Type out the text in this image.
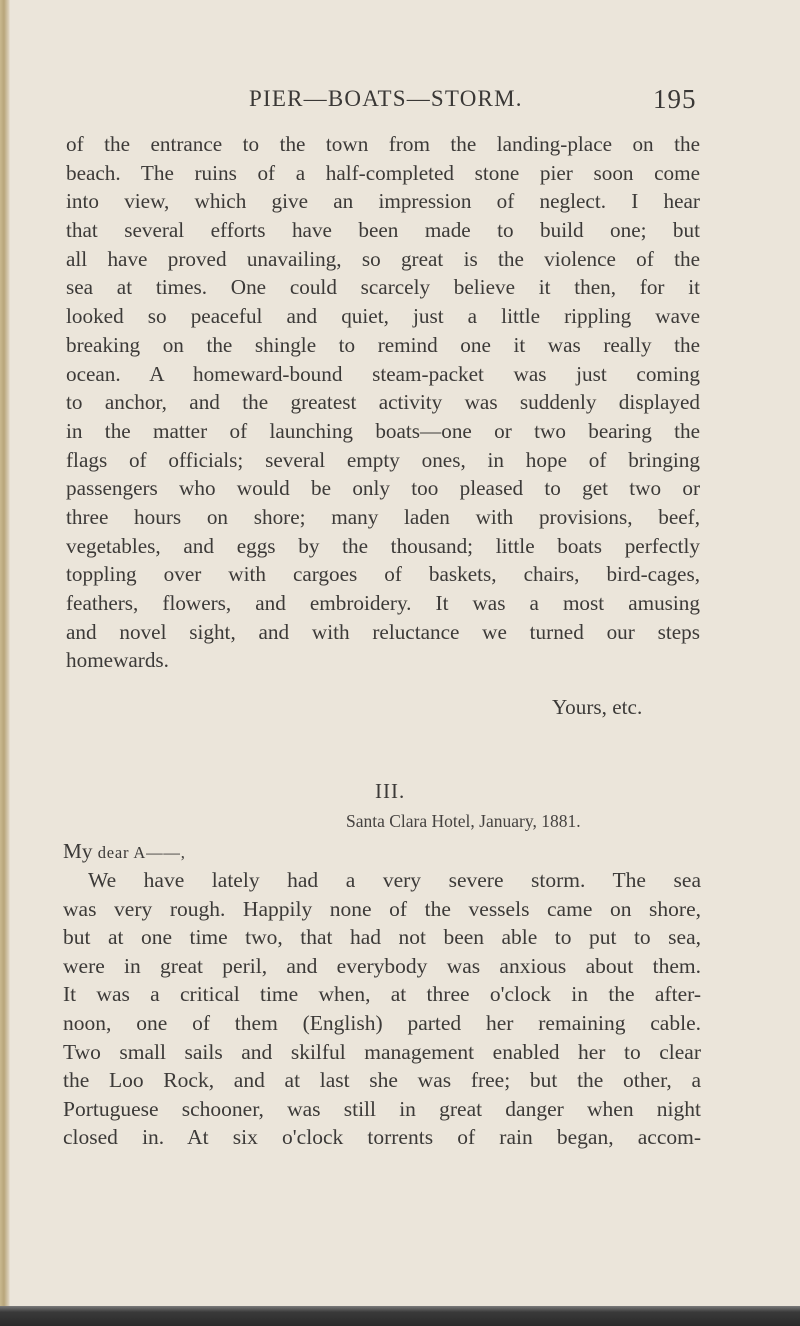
PIER—BOATS—STORM.	195
of the entrance to the town from the landing-place on the
beach. The ruins of a half-completed stone pier soon come
into view, which give an impression of neglect. I hear
that several efforts have been made to build one; but
all have proved unavailing, so great is the violence of the
sea at times. One could scarcely believe it then, for it
looked so peaceful and quiet, just a little rippling wave
breaking on the shingle to remind one it was really the
ocean. A homeward-bound steam-packet was just coming
to anchor, and the greatest activity was suddenly displayed
in the matter of launching boats—one or two bearing the
flags of officials; several empty ones, in hope of bringing
passengers who would be only too pleased to get two or
three hours on shore; many laden with provisions, beef,
vegetables, and eggs by the thousand; little boats perfectly
toppling over with cargoes of baskets, chairs, bird-cages,
feathers, flowers, and embroidery. It was a most amusing
and novel sight, and with reluctance we turned our steps
homewards.
Yours, etc.
III.
Santa Clara Hotel, January, 1881.
My dear A——,
We have lately had a very severe storm. The sea
was very rough. Happily none of the vessels came on shore,
but at one time two, that had not been able to put to sea,
were in great peril, and everybody was anxious about them.
It was a critical time when, at three o'clock in the after-
noon, one of them (English) parted her remaining cable.
Two small sails and skilful management enabled her to clear
the Loo Rock, and at last she was free; but the other, a
Portuguese schooner, was still in great danger when night
closed in. At six o'clock torrents of rain began, accom-
